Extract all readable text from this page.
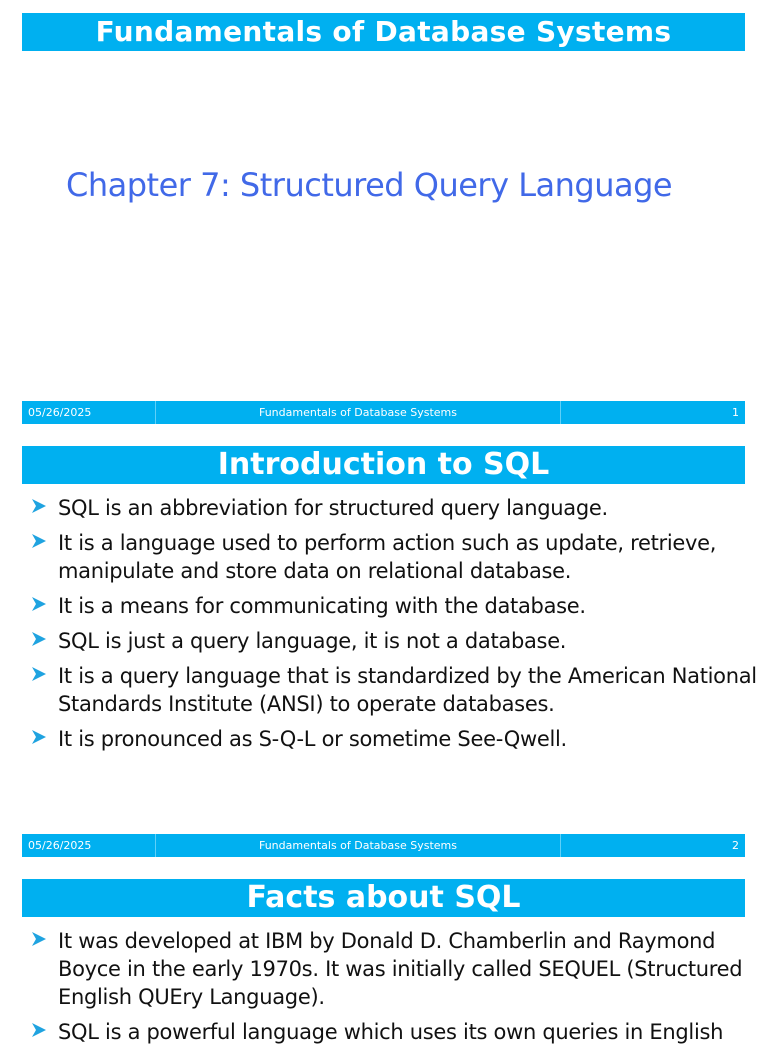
Fundamentals of Database Systems
Chapter 7: Structured Query Language
05/26/2025	Fundamentals of Database Systems	1
Introduction to SQL
SQL is an abbreviation for structured query language.
It is a language used to perform action such as update, retrieve, manipulate and store data on relational database.
It is a means for communicating with the database.
SQL is just a query language, it is not a database.
It is a query language that is standardized by the American National Standards Institute (ANSI) to operate databases.
It is pronounced as S-Q-L or sometime See-Qwell.
05/26/2025	Fundamentals of Database Systems	2
Facts about SQL
It was developed at IBM by Donald D. Chamberlin and Raymond Boyce in the early 1970s. It was initially called SEQUEL (Structured English QUEry Language).
SQL is a powerful language which uses its own queries in English
